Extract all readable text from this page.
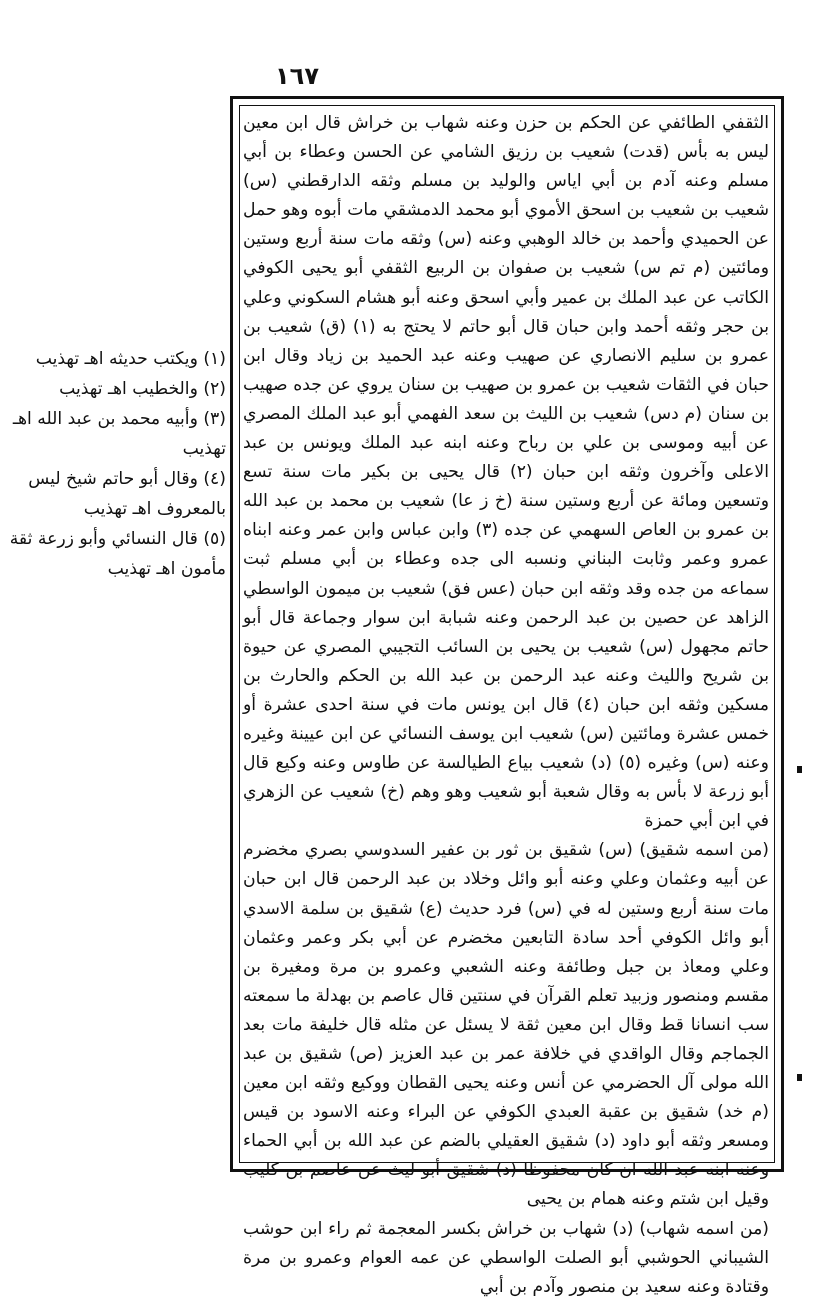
١٦٧

الثقفي الطائفي عن الحكم بن حزن وعنه شهاب بن خراش قال ابن معين ليس به بأس (قدت) شعيب بن رزيق الشامي عن الحسن وعطاء بن أبي مسلم وعنه آدم بن أبي اياس والوليد بن مسلم وثقه الدارقطني (س) شعيب بن شعيب بن اسحق الأموي أبو محمد الدمشقي مات أبوه وهو حمل عن الحميدي وأحمد بن خالد الوهبي وعنه (س) وثقه مات سنة أربع وستين ومائتين (م تم س) شعيب بن صفوان بن الربيع الثقفي أبو يحيى الكوفي الكاتب عن عبد الملك بن عمير وأبي اسحق وعنه أبو هشام السكوني وعلي بن حجر وثقه أحمد وابن حبان قال أبو حاتم لا يحتج به (١) (ق) شعيب بن عمرو بن سليم الانصاري عن صهيب وعنه عبد الحميد بن زياد وقال ابن حبان في الثقات شعيب بن عمرو بن صهيب بن سنان يروي عن جده صهيب بن سنان (م دس) شعيب بن الليث بن سعد الفهمي أبو عبد الملك المصري عن أبيه وموسى بن علي بن رباح وعنه ابنه عبد الملك ويونس بن عبد الاعلى وآخرون وثقه ابن حبان (٢) قال يحيى بن بكير مات سنة تسع وتسعين ومائة عن أربع وستين سنة (خ ز عا) شعيب بن محمد بن عبد الله بن عمرو بن العاص السهمي عن جده (٣) وابن عباس وابن عمر وعنه ابناه عمرو وعمر وثابت البناني ونسبه الى جده وعطاء بن أبي مسلم ثبت سماعه من جده وقد وثقه ابن حبان (عس فق) شعيب بن ميمون الواسطي الزاهد عن حصين بن عبد الرحمن وعنه شبابة ابن سوار وجماعة قال أبو حاتم مجهول (س) شعيب بن يحيى بن السائب التجيبي المصري عن حيوة بن شريح والليث وعنه عبد الرحمن بن عبد الله بن الحكم والحارث بن مسكين وثقه ابن حبان (٤) قال ابن يونس مات في سنة احدى عشرة أو خمس عشرة ومائتين (س) شعيب ابن يوسف النسائي عن ابن عيينة وغيره وعنه (س) وغيره (٥) (د) شعيب بياع الطيالسة عن طاوس وعنه وكيع قال أبو زرعة لا بأس به وقال شعبة أبو شعيب وهو وهم (خ) شعيب عن الزهري في ابن أبي حمزة

(من اسمه شقيق) (س) شقيق بن ثور بن عفير السدوسي بصري مخضرم عن أبيه وعثمان وعلي وعنه أبو وائل وخلاد بن عبد الرحمن قال ابن حبان مات سنة أربع وستين له في (س) فرد حديث (ع) شقيق بن سلمة الاسدي أبو وائل الكوفي أحد سادة التابعين مخضرم عن أبي بكر وعمر وعثمان وعلي ومعاذ بن جبل وطائفة وعنه الشعبي وعمرو بن مرة ومغيرة بن مقسم ومنصور وزبيد تعلم القرآن في سنتين قال عاصم بن بهدلة ما سمعته سب انسانا قط وقال ابن معين ثقة لا يسئل عن مثله قال خليفة مات بعد الجماجم وقال الواقدي في خلافة عمر بن عبد العزيز (ص) شقيق بن عبد الله مولى آل الحضرمي عن أنس وعنه يحيى القطان ووكيع وثقه ابن معين (م خد) شقيق بن عقبة العبدي الكوفي عن البراء وعنه الاسود بن قيس ومسعر وثقه أبو داود (د) شقيق العقيلي بالضم عن عبد الله بن أبي الحماء وعنه ابنه عبد الله ان كان محفوظا (د) شقيق أبو ليث عن عاصم بن كليب وقيل ابن شتم وعنه همام بن يحيى

(من اسمه شهاب) (د) شهاب بن خراش بكسر المعجمة ثم راء ابن حوشب الشيباني الحوشبي أبو الصلت الواسطي عن عمه العوام وعمرو بن مرة وقتادة وعنه سعيد بن منصور وآدم بن أبي

(١) ويكتب حديثه اهـ تهذيب

(٢) والخطيب اهـ تهذيب

(٣) وأبيه محمد بن عبد الله اهـ تهذيب

(٤) وقال أبو حاتم شيخ ليس بالمعروف اهـ تهذيب

(٥) قال النسائي وأبو زرعة ثقة مأمون اهـ تهذيب
